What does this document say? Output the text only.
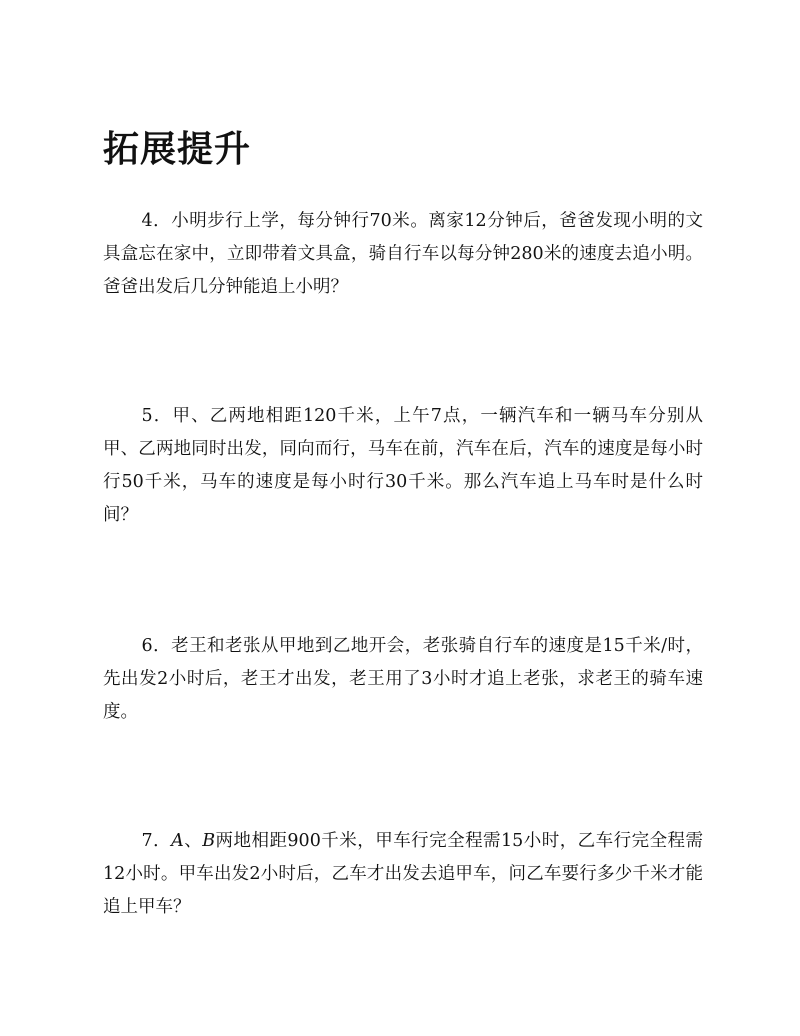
拓展提升

4．小明步行上学，每分钟行70米。离家12分钟后，爸爸发现小明的文具盒忘在家中，立即带着文具盒，骑自行车以每分钟280米的速度去追小明。爸爸出发后几分钟能追上小明？

5．甲、乙两地相距120千米，上午7点，一辆汽车和一辆马车分别从甲、乙两地同时出发，同向而行，马车在前，汽车在后，汽车的速度是每小时行50千米，马车的速度是每小时行30千米。那么汽车追上马车时是什么时间？

6．老王和老张从甲地到乙地开会，老张骑自行车的速度是15千米/时，先出发2小时后，老王才出发，老王用了3小时才追上老张，求老王的骑车速度。

7．A、B两地相距900千米，甲车行完全程需15小时，乙车行完全程需12小时。甲车出发2小时后，乙车才出发去追甲车，问乙车要行多少千米才能追上甲车？
